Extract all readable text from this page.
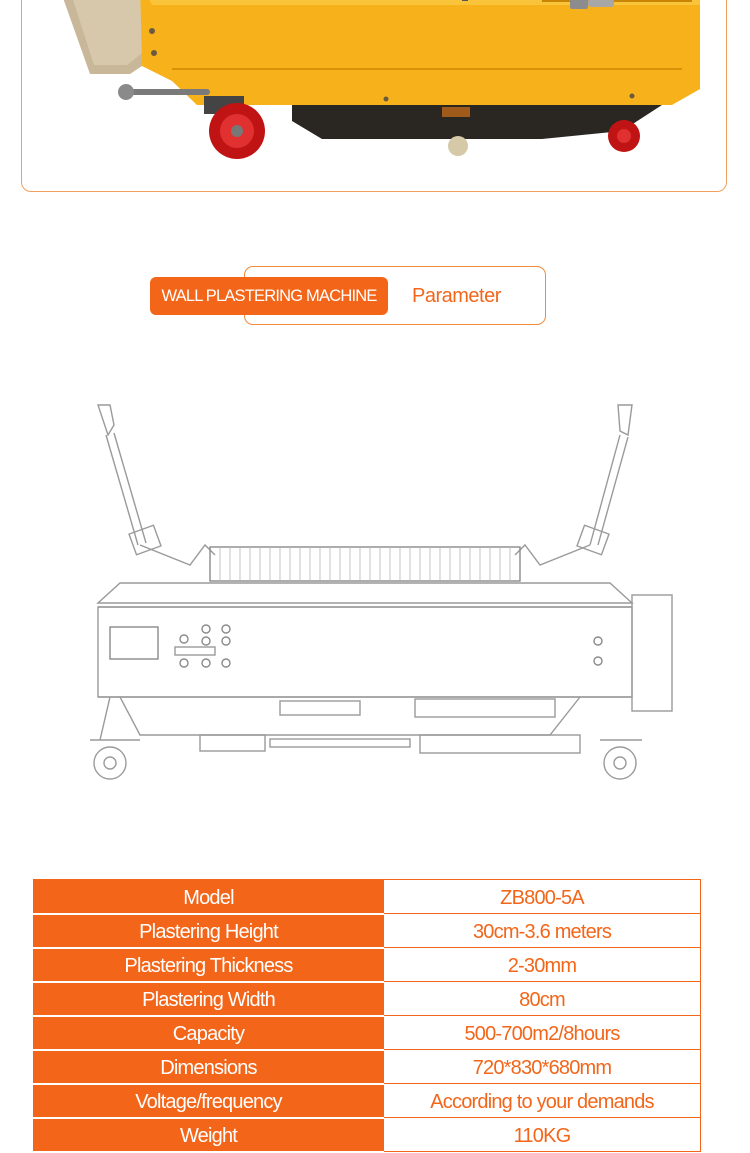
WALL PLASTERING MACHINE	Parameter
Model	ZB800-5A
Plastering Height	30cm-3.6 meters
Plastering Thickness	2-30mm
Plastering Width	80cm
Capacity	500-700m2/8hours
Dimensions	720*830*680mm
Voltage/frequency	According to your demands
Weight	110KG
